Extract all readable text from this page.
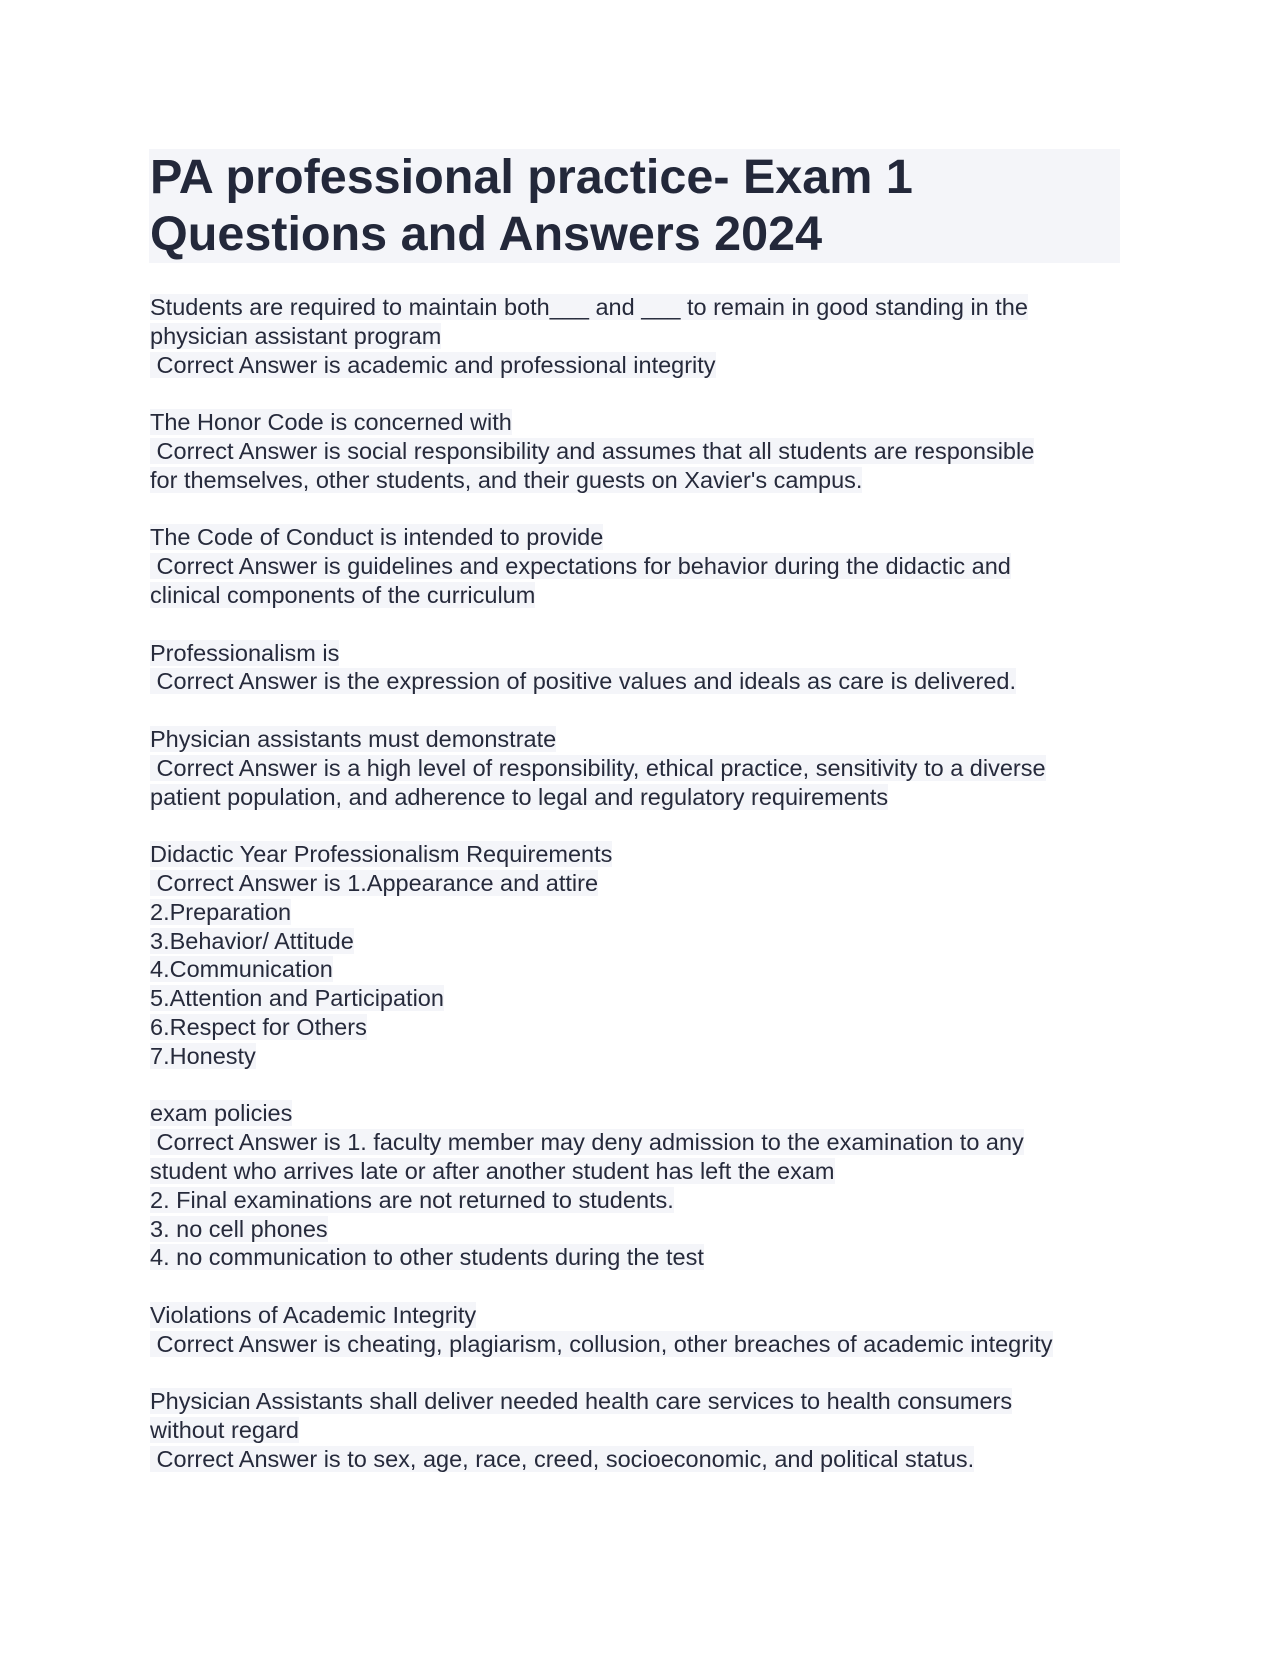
PA professional practice- Exam 1
Questions and Answers 2024
Students are required to maintain both___ and ___ to remain in good standing in the
physician assistant program
Correct Answer is academic and professional integrity
The Honor Code is concerned with
Correct Answer is social responsibility and assumes that all students are responsible
for themselves, other students, and their guests on Xavier's campus.
The Code of Conduct is intended to provide
Correct Answer is guidelines and expectations for behavior during the didactic and
clinical components of the curriculum
Professionalism is
Correct Answer is the expression of positive values and ideals as care is delivered.
Physician assistants must demonstrate
Correct Answer is a high level of responsibility, ethical practice, sensitivity to a diverse
patient population, and adherence to legal and regulatory requirements
Didactic Year Professionalism Requirements
Correct Answer is 1.Appearance and attire
2.Preparation
3.Behavior/ Attitude
4.Communication
5.Attention and Participation
6.Respect for Others
7.Honesty
exam policies
Correct Answer is 1. faculty member may deny admission to the examination to any
student who arrives late or after another student has left the exam
2. Final examinations are not returned to students.
3. no cell phones
4. no communication to other students during the test
Violations of Academic Integrity
Correct Answer is cheating, plagiarism, collusion, other breaches of academic integrity
Physician Assistants shall deliver needed health care services to health consumers
without regard
Correct Answer is to sex, age, race, creed, socioeconomic, and political status.
